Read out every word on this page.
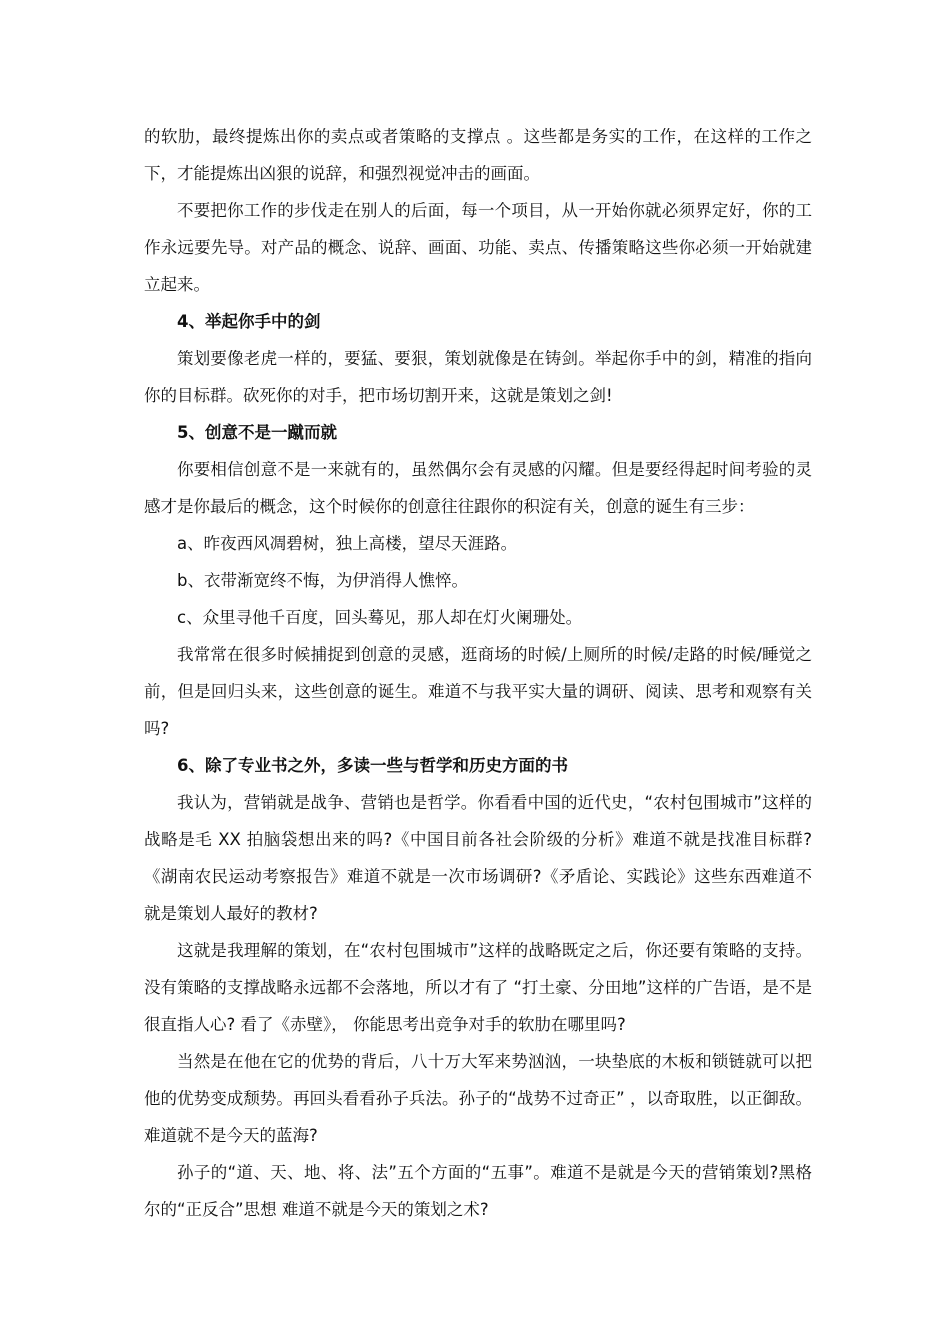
的软肋，最终提炼出你的卖点或者策略的支撑点 。这些都是务实的工作，在这样的工作之下，才能提炼出凶狠的说辞，和强烈视觉冲击的画面。

不要把你工作的步伐走在别人的后面，每一个项目，从一开始你就必须界定好，你的工作永远要先导。对产品的概念、说辞、画面、功能、卖点、传播策略这些你必须一开始就建立起来。

4、举起你手中的剑

策划要像老虎一样的，要猛、要狠，策划就像是在铸剑。举起你手中的剑，精准的指向你的目标群。砍死你的对手，把市场切割开来，这就是策划之剑!

5、创意不是一蹴而就

你要相信创意不是一来就有的，虽然偶尔会有灵感的闪耀。但是要经得起时间考验的灵感才是你最后的概念，这个时候你的创意往往跟你的积淀有关，创意的诞生有三步：

a、昨夜西风凋碧树，独上高楼，望尽天涯路。

b、衣带渐宽终不悔，为伊消得人憔悴。

c、众里寻他千百度，回头蓦见，那人却在灯火阑珊处。

我常常在很多时候捕捉到创意的灵感，逛商场的时候/上厕所的时候/走路的时候/睡觉之前，但是回归头来，这些创意的诞生。难道不与我平实大量的调研、阅读、思考和观察有关吗?

6、除了专业书之外，多读一些与哲学和历史方面的书

我认为，营销就是战争、营销也是哲学。你看看中国的近代史，“农村包围城市”这样的战略是毛 XX 拍脑袋想出来的吗?《中国目前各社会阶级的分析》难道不就是找准目标群?《湖南农民运动考察报告》难道不就是一次市场调研?《矛盾论、实践论》这些东西难道不就是策划人最好的教材?

这就是我理解的策划，在“农村包围城市”这样的战略既定之后，你还要有策略的支持。没有策略的支撑战略永远都不会落地，所以才有了 “打土豪、分田地”这样的广告语，是不是很直指人心? 看了《赤壁》， 你能思考出竞争对手的软肋在哪里吗?

当然是在他在它的优势的背后，八十万大军来势汹汹，一块垫底的木板和锁链就可以把他的优势变成颓势。再回头看看孙子兵法。孙子的“战势不过奇正” ，以奇取胜，以正御敌。难道就不是今天的蓝海?

孙子的“道、天、地、将、法”五个方面的“五事”。难道不是就是今天的营销策划?黑格尔的“正反合”思想 难道不就是今天的策划之术?
